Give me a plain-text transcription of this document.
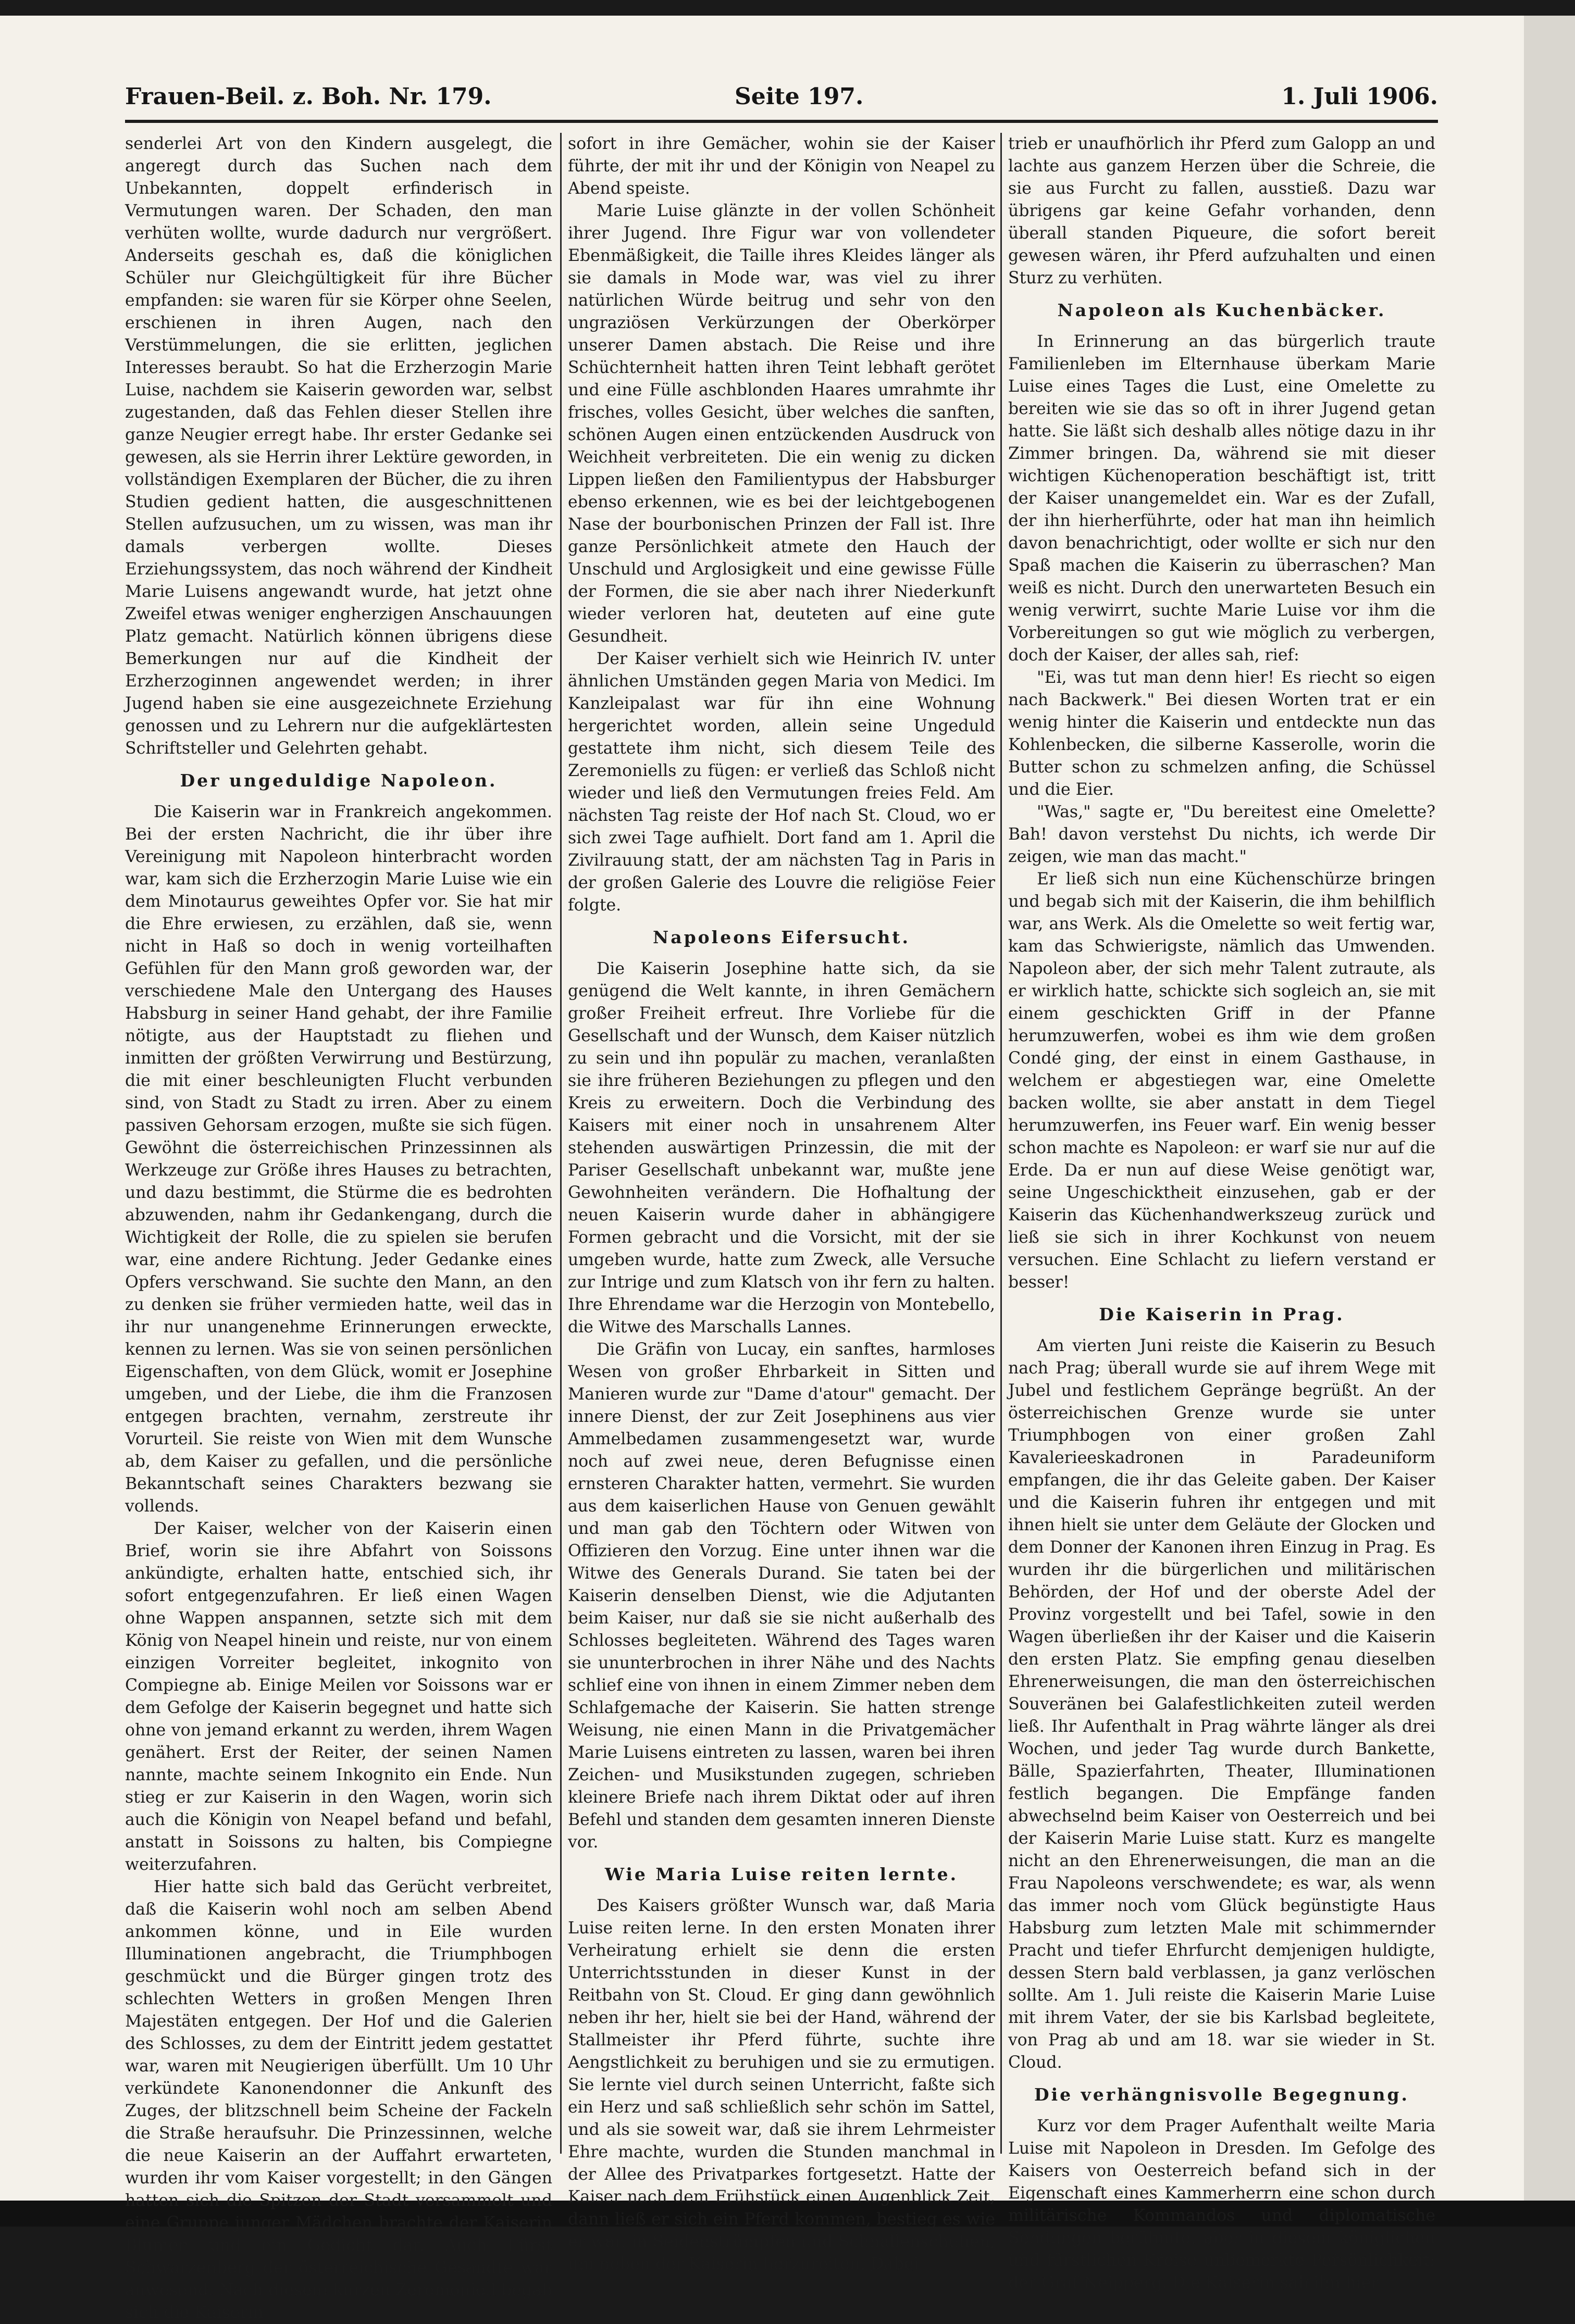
Frauen-Beil. z. Boh. Nr. 179.	Seite 197.	1. Juli 1906.

senderlei Art von den Kindern ausgelegt, die angeregt durch das Suchen nach dem Unbekannten, doppelt erfinderisch in Vermutungen waren. Der Schaden, den man verhüten wollte, wurde dadurch nur vergrößert. Anderseits geschah es, daß die königlichen Schüler nur Gleichgültigkeit für ihre Bücher empfanden: sie waren für sie Körper ohne Seelen, erschienen in ihren Augen, nach den Verstümmelungen, die sie erlitten, jeglichen Interesses beraubt. So hat die Erzherzogin Marie Luise, nachdem sie Kaiserin geworden war, selbst zugestanden, daß das Fehlen dieser Stellen ihre ganze Neugier erregt habe. Ihr erster Gedanke sei gewesen, als sie Herrin ihrer Lektüre geworden, in vollständigen Exemplaren der Bücher, die zu ihren Studien gedient hatten, die ausgeschnittenen Stellen aufzusuchen, um zu wissen, was man ihr damals verbergen wollte. Dieses Erziehungssystem, das noch während der Kindheit Marie Luisens angewandt wurde, hat jetzt ohne Zweifel etwas weniger engherzigen Anschauungen Platz gemacht. Natürlich können übrigens diese Bemerkungen nur auf die Kindheit der Erzherzoginnen angewendet werden; in ihrer Jugend haben sie eine ausgezeichnete Erziehung genossen und zu Lehrern nur die aufgeklärtesten Schriftsteller und Gelehrten gehabt.

Der ungeduldige Napoleon.

Die Kaiserin war in Frankreich angekommen. Bei der ersten Nachricht, die ihr über ihre Vereinigung mit Napoleon hinterbracht worden war, kam sich die Erzherzogin Marie Luise wie ein dem Minotaurus geweihtes Opfer vor. Sie hat mir die Ehre erwiesen, zu erzählen, daß sie, wenn nicht in Haß so doch in wenig vorteilhaften Gefühlen für den Mann groß geworden war, der verschiedene Male den Untergang des Hauses Habsburg in seiner Hand gehabt, der ihre Familie nötigte, aus der Hauptstadt zu fliehen und inmitten der größten Verwirrung und Bestürzung, die mit einer beschleunigten Flucht verbunden sind, von Stadt zu Stadt zu irren. Aber zu einem passiven Gehorsam erzogen, mußte sie sich fügen. Gewöhnt die österreichischen Prinzessinnen als Werkzeuge zur Größe ihres Hauses zu betrachten, und dazu bestimmt, die Stürme die es bedrohten abzuwenden, nahm ihr Gedankengang, durch die Wichtigkeit der Rolle, die zu spielen sie berufen war, eine andere Richtung. Jeder Gedanke eines Opfers verschwand. Sie suchte den Mann, an den zu denken sie früher vermieden hatte, weil das in ihr nur unangenehme Erinnerungen erweckte, kennen zu lernen. Was sie von seinen persönlichen Eigenschaften, von dem Glück, womit er Josephine umgeben, und der Liebe, die ihm die Franzosen entgegen brachten, vernahm, zerstreute ihr Vorurteil. Sie reiste von Wien mit dem Wunsche ab, dem Kaiser zu gefallen, und die persönliche Bekanntschaft seines Charakters bezwang sie vollends.

Der Kaiser, welcher von der Kaiserin einen Brief, worin sie ihre Abfahrt von Soissons ankündigte, erhalten hatte, entschied sich, ihr sofort entgegenzufahren. Er ließ einen Wagen ohne Wappen anspannen, setzte sich mit dem König von Neapel hinein und reiste, nur von einem einzigen Vorreiter begleitet, inkognito von Compiegne ab. Einige Meilen vor Soissons war er dem Gefolge der Kaiserin begegnet und hatte sich ohne von jemand erkannt zu werden, ihrem Wagen genähert. Erst der Reiter, der seinen Namen nannte, machte seinem Inkognito ein Ende. Nun stieg er zur Kaiserin in den Wagen, worin sich auch die Königin von Neapel befand und befahl, anstatt in Soissons zu halten, bis Compiegne weiterzufahren.

Hier hatte sich bald das Gerücht verbreitet, daß die Kaiserin wohl noch am selben Abend ankommen könne, und in Eile wurden Illuminationen angebracht, die Triumphbogen geschmückt und die Bürger gingen trotz des schlechten Wetters in großen Mengen Ihren Majestäten entgegen. Der Hof und die Galerien des Schlosses, zu dem der Eintritt jedem gestattet war, waren mit Neugierigen überfüllt. Um 10 Uhr verkündete Kanonendonner die Ankunft des Zuges, der blitzschnell beim Scheine der Fackeln die Straße heraufsuhr. Die Prinzessinnen, welche die neue Kaiserin an der Auffahrt erwarteten, wurden ihr vom Kaiser vorgestellt; in den Gängen hatten sich die Spitzen der Stadt versammelt und eine Gruppe junger Mädchen brachte der Kaiserin Blumen und ein Gedicht dar. Auch Fürst Schwarzenberg der österreichische Gesandte war anwesend. Nach diesem kurzen Zeremoniell begab sich die Kaiserin

sofort in ihre Gemächer, wohin sie der Kaiser führte, der mit ihr und der Königin von Neapel zu Abend speiste.

Marie Luise glänzte in der vollen Schönheit ihrer Jugend. Ihre Figur war von vollendeter Ebenmäßigkeit, die Taille ihres Kleides länger als sie damals in Mode war, was viel zu ihrer natürlichen Würde beitrug und sehr von den ungraziösen Verkürzungen der Oberkörper unserer Damen abstach. Die Reise und ihre Schüchternheit hatten ihren Teint lebhaft gerötet und eine Fülle aschblonden Haares umrahmte ihr frisches, volles Gesicht, über welches die sanften, schönen Augen einen entzückenden Ausdruck von Weichheit verbreiteten. Die ein wenig zu dicken Lippen ließen den Familientypus der Habsburger ebenso erkennen, wie es bei der leichtgebogenen Nase der bourbonischen Prinzen der Fall ist. Ihre ganze Persönlichkeit atmete den Hauch der Unschuld und Arglosigkeit und eine gewisse Fülle der Formen, die sie aber nach ihrer Niederkunft wieder verloren hat, deuteten auf eine gute Gesundheit.

Der Kaiser verhielt sich wie Heinrich IV. unter ähnlichen Umständen gegen Maria von Medici. Im Kanzleipalast war für ihn eine Wohnung hergerichtet worden, allein seine Ungeduld gestattete ihm nicht, sich diesem Teile des Zeremoniells zu fügen: er verließ das Schloß nicht wieder und ließ den Vermutungen freies Feld. Am nächsten Tag reiste der Hof nach St. Cloud, wo er sich zwei Tage aufhielt. Dort fand am 1. April die Zivilrauung statt, der am nächsten Tag in Paris in der großen Galerie des Louvre die religiöse Feier folgte.

Napoleons Eifersucht.

Die Kaiserin Josephine hatte sich, da sie genügend die Welt kannte, in ihren Gemächern großer Freiheit erfreut. Ihre Vorliebe für die Gesellschaft und der Wunsch, dem Kaiser nützlich zu sein und ihn populär zu machen, veranlaßten sie ihre früheren Beziehungen zu pflegen und den Kreis zu erweitern. Doch die Verbindung des Kaisers mit einer noch in unsahrenem Alter stehenden auswärtigen Prinzessin, die mit der Pariser Gesellschaft unbekannt war, mußte jene Gewohnheiten verändern. Die Hofhaltung der neuen Kaiserin wurde daher in abhängigere Formen gebracht und die Vorsicht, mit der sie umgeben wurde, hatte zum Zweck, alle Versuche zur Intrige und zum Klatsch von ihr fern zu halten. Ihre Ehrendame war die Herzogin von Montebello, die Witwe des Marschalls Lannes.

Die Gräfin von Lucay, ein sanftes, harmloses Wesen von großer Ehrbarkeit in Sitten und Manieren wurde zur "Dame d'atour" gemacht. Der innere Dienst, der zur Zeit Josephinens aus vier Ammelbedamen zusammengesetzt war, wurde noch auf zwei neue, deren Befugnisse einen ernsteren Charakter hatten, vermehrt. Sie wurden aus dem kaiserlichen Hause von Genuen gewählt und man gab den Töchtern oder Witwen von Offizieren den Vorzug. Eine unter ihnen war die Witwe des Generals Durand. Sie taten bei der Kaiserin denselben Dienst, wie die Adjutanten beim Kaiser, nur daß sie sie nicht außerhalb des Schlosses begleiteten. Während des Tages waren sie ununterbrochen in ihrer Nähe und des Nachts schlief eine von ihnen in einem Zimmer neben dem Schlafgemache der Kaiserin. Sie hatten strenge Weisung, nie einen Mann in die Privatgemächer Marie Luisens eintreten zu lassen, waren bei ihren Zeichen- und Musikstunden zugegen, schrieben kleinere Briefe nach ihrem Diktat oder auf ihren Befehl und standen dem gesamten inneren Dienste vor.

Wie Maria Luise reiten lernte.

Des Kaisers größter Wunsch war, daß Maria Luise reiten lerne. In den ersten Monaten ihrer Verheiratung erhielt sie denn die ersten Unterrichtsstunden in dieser Kunst in der Reitbahn von St. Cloud. Er ging dann gewöhnlich neben ihr her, hielt sie bei der Hand, während der Stallmeister ihr Pferd führte, suchte ihre Aengstlichkeit zu beruhigen und sie zu ermutigen. Sie lernte viel durch seinen Unterricht, faßte sich ein Herz und saß schließlich sehr schön im Sattel, und als sie soweit war, daß sie ihrem Lehrmeister Ehre machte, wurden die Stunden manchmal in der Allee des Privatparkes fortgesetzt. Hatte der Kaiser nach dem Frühstück einen Augenblick Zeit, dann ließ er sich ein Pferd kommen, bestieg es wie er war, in Seidenstrümpfen und Schnallenschuhen, um neben der Kaiserin herzureiten. Dabei

trieb er unaufhörlich ihr Pferd zum Galopp an und lachte aus ganzem Herzen über die Schreie, die sie aus Furcht zu fallen, ausstieß. Dazu war übrigens gar keine Gefahr vorhanden, denn überall standen Piqueure, die sofort bereit gewesen wären, ihr Pferd aufzuhalten und einen Sturz zu verhüten.

Napoleon als Kuchenbäcker.

In Erinnerung an das bürgerlich traute Familienleben im Elternhause überkam Marie Luise eines Tages die Lust, eine Omelette zu bereiten wie sie das so oft in ihrer Jugend getan hatte. Sie läßt sich deshalb alles nötige dazu in ihr Zimmer bringen. Da, während sie mit dieser wichtigen Küchenoperation beschäftigt ist, tritt der Kaiser unangemeldet ein. War es der Zufall, der ihn hierherführte, oder hat man ihn heimlich davon benachrichtigt, oder wollte er sich nur den Spaß machen die Kaiserin zu überraschen? Man weiß es nicht. Durch den unerwarteten Besuch ein wenig verwirrt, suchte Marie Luise vor ihm die Vorbereitungen so gut wie möglich zu verbergen, doch der Kaiser, der alles sah, rief:

"Ei, was tut man denn hier! Es riecht so eigen nach Backwerk." Bei diesen Worten trat er ein wenig hinter die Kaiserin und entdeckte nun das Kohlenbecken, die silberne Kasserolle, worin die Butter schon zu schmelzen anfing, die Schüssel und die Eier.

"Was," sagte er, "Du bereitest eine Omelette? Bah! davon verstehst Du nichts, ich werde Dir zeigen, wie man das macht."

Er ließ sich nun eine Küchenschürze bringen und begab sich mit der Kaiserin, die ihm behilflich war, ans Werk. Als die Omelette so weit fertig war, kam das Schwierigste, nämlich das Umwenden. Napoleon aber, der sich mehr Talent zutraute, als er wirklich hatte, schickte sich sogleich an, sie mit einem geschickten Griff in der Pfanne herumzuwerfen, wobei es ihm wie dem großen Condé ging, der einst in einem Gasthause, in welchem er abgestiegen war, eine Omelette backen wollte, sie aber anstatt in dem Tiegel herumzuwerfen, ins Feuer warf. Ein wenig besser schon machte es Napoleon: er warf sie nur auf die Erde. Da er nun auf diese Weise genötigt war, seine Ungeschicktheit einzusehen, gab er der Kaiserin das Küchenhandwerkszeug zurück und ließ sie sich in ihrer Kochkunst von neuem versuchen. Eine Schlacht zu liefern verstand er besser!

Die Kaiserin in Prag.

Am vierten Juni reiste die Kaiserin zu Besuch nach Prag; überall wurde sie auf ihrem Wege mit Jubel und festlichem Gepränge begrüßt. An der österreichischen Grenze wurde sie unter Triumphbogen von einer großen Zahl Kavalerieeskadronen in Paradeuniform empfangen, die ihr das Geleite gaben. Der Kaiser und die Kaiserin fuhren ihr entgegen und mit ihnen hielt sie unter dem Geläute der Glocken und dem Donner der Kanonen ihren Einzug in Prag. Es wurden ihr die bürgerlichen und militärischen Behörden, der Hof und der oberste Adel der Provinz vorgestellt und bei Tafel, sowie in den Wagen überließen ihr der Kaiser und die Kaiserin den ersten Platz. Sie empfing genau dieselben Ehrenerweisungen, die man den österreichischen Souveränen bei Galafestlichkeiten zuteil werden ließ. Ihr Aufenthalt in Prag währte länger als drei Wochen, und jeder Tag wurde durch Bankette, Bälle, Spazierfahrten, Theater, Illuminationen festlich begangen. Die Empfänge fanden abwechselnd beim Kaiser von Oesterreich und bei der Kaiserin Marie Luise statt. Kurz es mangelte nicht an den Ehrenerweisungen, die man an die Frau Napoleons verschwendete; es war, als wenn das immer noch vom Glück begünstigte Haus Habsburg zum letzten Male mit schimmernder Pracht und tiefer Ehrfurcht demjenigen huldigte, dessen Stern bald verblassen, ja ganz verlöschen sollte. Am 1. Juli reiste die Kaiserin Marie Luise mit ihrem Vater, der sie bis Karlsbad begleitete, von Prag ab und am 18. war sie wieder in St. Cloud.

Die verhängnisvolle Begegnung.

Kurz vor dem Prager Aufenthalt weilte Maria Luise mit Napoleon in Dresden. Im Gefolge des Kaisers von Oesterreich befand sich in der Eigenschaft eines Kammerherrn eine schon durch militärische Kommandos und diplomatische Sendungen berühmte, aber in diesem königlichen und fürstlichen Kreise unbemerkte Persönlichkeit: der Graf Neipperg. Die Kaiserin sah ihn hier
